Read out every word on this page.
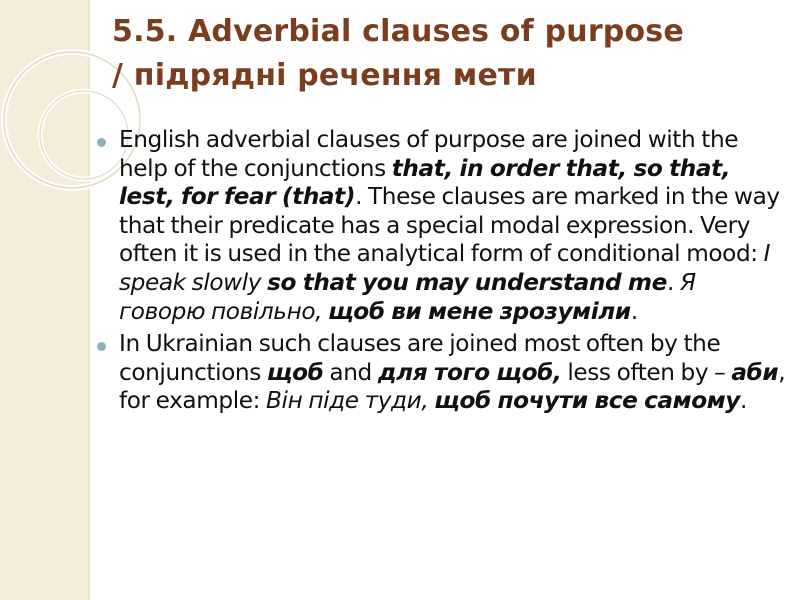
5.5. Adverbial clauses of purpose
/ підрядні речення мети
English adverbial clauses of purpose are joined with the help of the conjunctions that, in order that, so that, lest, for fear (that). These clauses are marked in the way that their predicate has a special modal expression. Very often it is used in the analytical form of conditional mood: I speak slowly so that you may understand me. Я говорю повільно, щоб ви мене зрозуміли.
In Ukrainian such clauses are joined most often by the conjunctions щоб and для того щоб, less often by – аби, for example: Він піде туди, щоб почути все самому.
